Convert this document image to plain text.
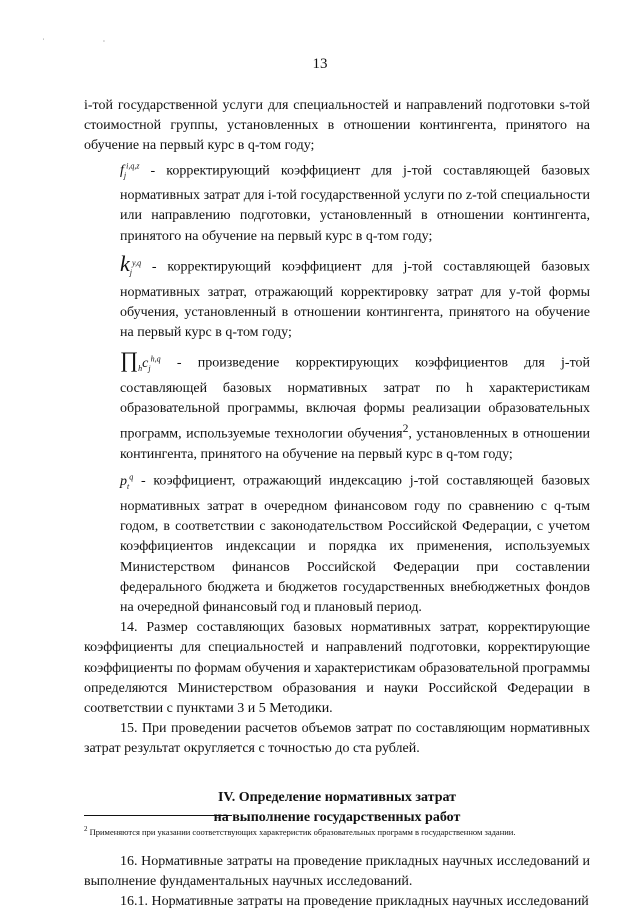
˙ ·
13

i-той государственной услуги для специальностей и направлений подготовки s-той стоимостной группы, установленных в отношении контингента, принятого на обучение на первый курс в q-том году;

$f_j^{i,q,z}$ - корректирующий коэффициент для j-той составляющей базовых нормативных затрат для i-той государственной услуги по z-той специальности или направлению подготовки, установленный в отношении контингента, принятого на обучение на первый курс в q-том году;

$k_j^{y,q}$ - корректирующий коэффициент для j-той составляющей базовых нормативных затрат, отражающий корректировку затрат для y-той формы обучения, установленный в отношении контингента, принятого на обучение на первый курс в q-том году;

$\prod_hc_j^{h,q}$ - произведение корректирующих коэффициентов для j-той составляющей базовых нормативных затрат по h характеристикам образовательной программы, включая формы реализации образовательных программ, используемые технологии обучения$^2$, установленных в отношении контингента, принятого на обучение на первый курс в q-том году;

$p_t^q$ - коэффициент, отражающий индексацию j-той составляющей базовых нормативных затрат в очередном финансовом году по сравнению с q-тым годом, в соответствии с законодательством Российской Федерации, с учетом коэффициентов индексации и порядка их применения, используемых Министерством финансов Российской Федерации при составлении федерального бюджета и бюджетов государственных внебюджетных фондов на очередной финансовый год и плановый период.

14. Размер составляющих базовых нормативных затрат, корректирующие коэффициенты для специальностей и направлений подготовки, корректирующие коэффициенты по формам обучения и характеристикам образовательной программы определяются Министерством образования и науки Российской Федерации в соответствии с пунктами 3 и 5 Методики.

15. При проведении расчетов объемов затрат по составляющим нормативных затрат результат округляется с точностью до ста рублей.

IV. Определение нормативных затрат
на выполнение государственных работ

16. Нормативные затраты на проведение прикладных научных исследований и выполнение фундаментальных научных исследований.

16.1. Нормативные затраты на проведение прикладных научных исследований

$^2$ Применяются при указании соответствующих характеристик образовательных программ в государственном задании.
